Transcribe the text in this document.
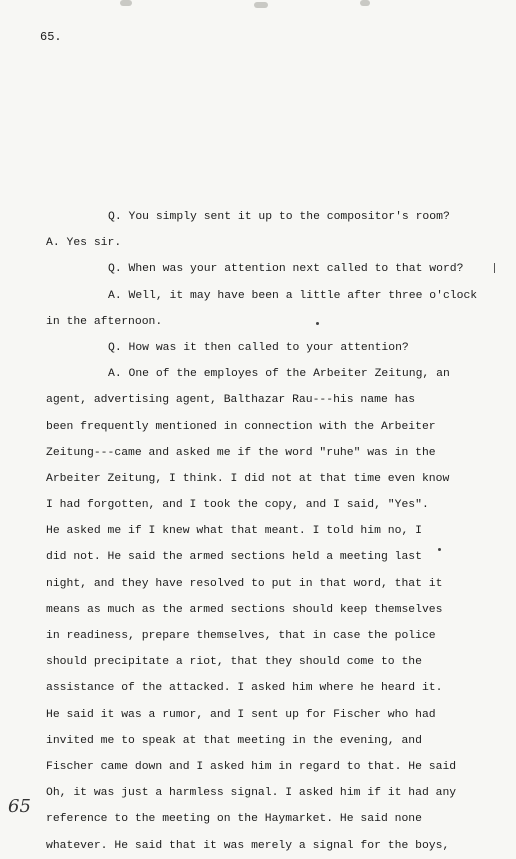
65.
Q. You simply sent it up to the compositor's room?
A. Yes sir.
Q. When was your attention next called to that word?
A. Well, it may have been a little after three o'clock
in the afternoon.
Q. How was it then called to your attention?
A. One of the employes of the Arbeiter Zeitung, an
agent, advertising agent, Balthazar Rau---his name has
been frequently mentioned in connection with the Arbeiter
Zeitung---came and asked me if the word "ruhe" was in the
Arbeiter Zeitung, I think. I did not at that time even know
I had forgotten, and I took the copy, and I said, "Yes".
He asked me if I knew what that meant. I told him no, I
did not. He said the armed sections held a meeting last
night, and they have resolved to put in that word, that it
means as much as the armed sections should keep themselves
in readiness, prepare themselves, that in case the police
should precipitate a riot, that they should come to the
assistance of the attacked. I asked him where he heard it.
He said it was a rumor, and I sent up for Fischer who had
invited me to speak at that meeting in the evening, and
Fischer came down and I asked him in regard to that. He said
Oh, it was just a harmless signal. I asked him if it had any
reference to the meeting on the Haymarket. He said none
whatever. He said that it was merely a signal for the boys,
65
